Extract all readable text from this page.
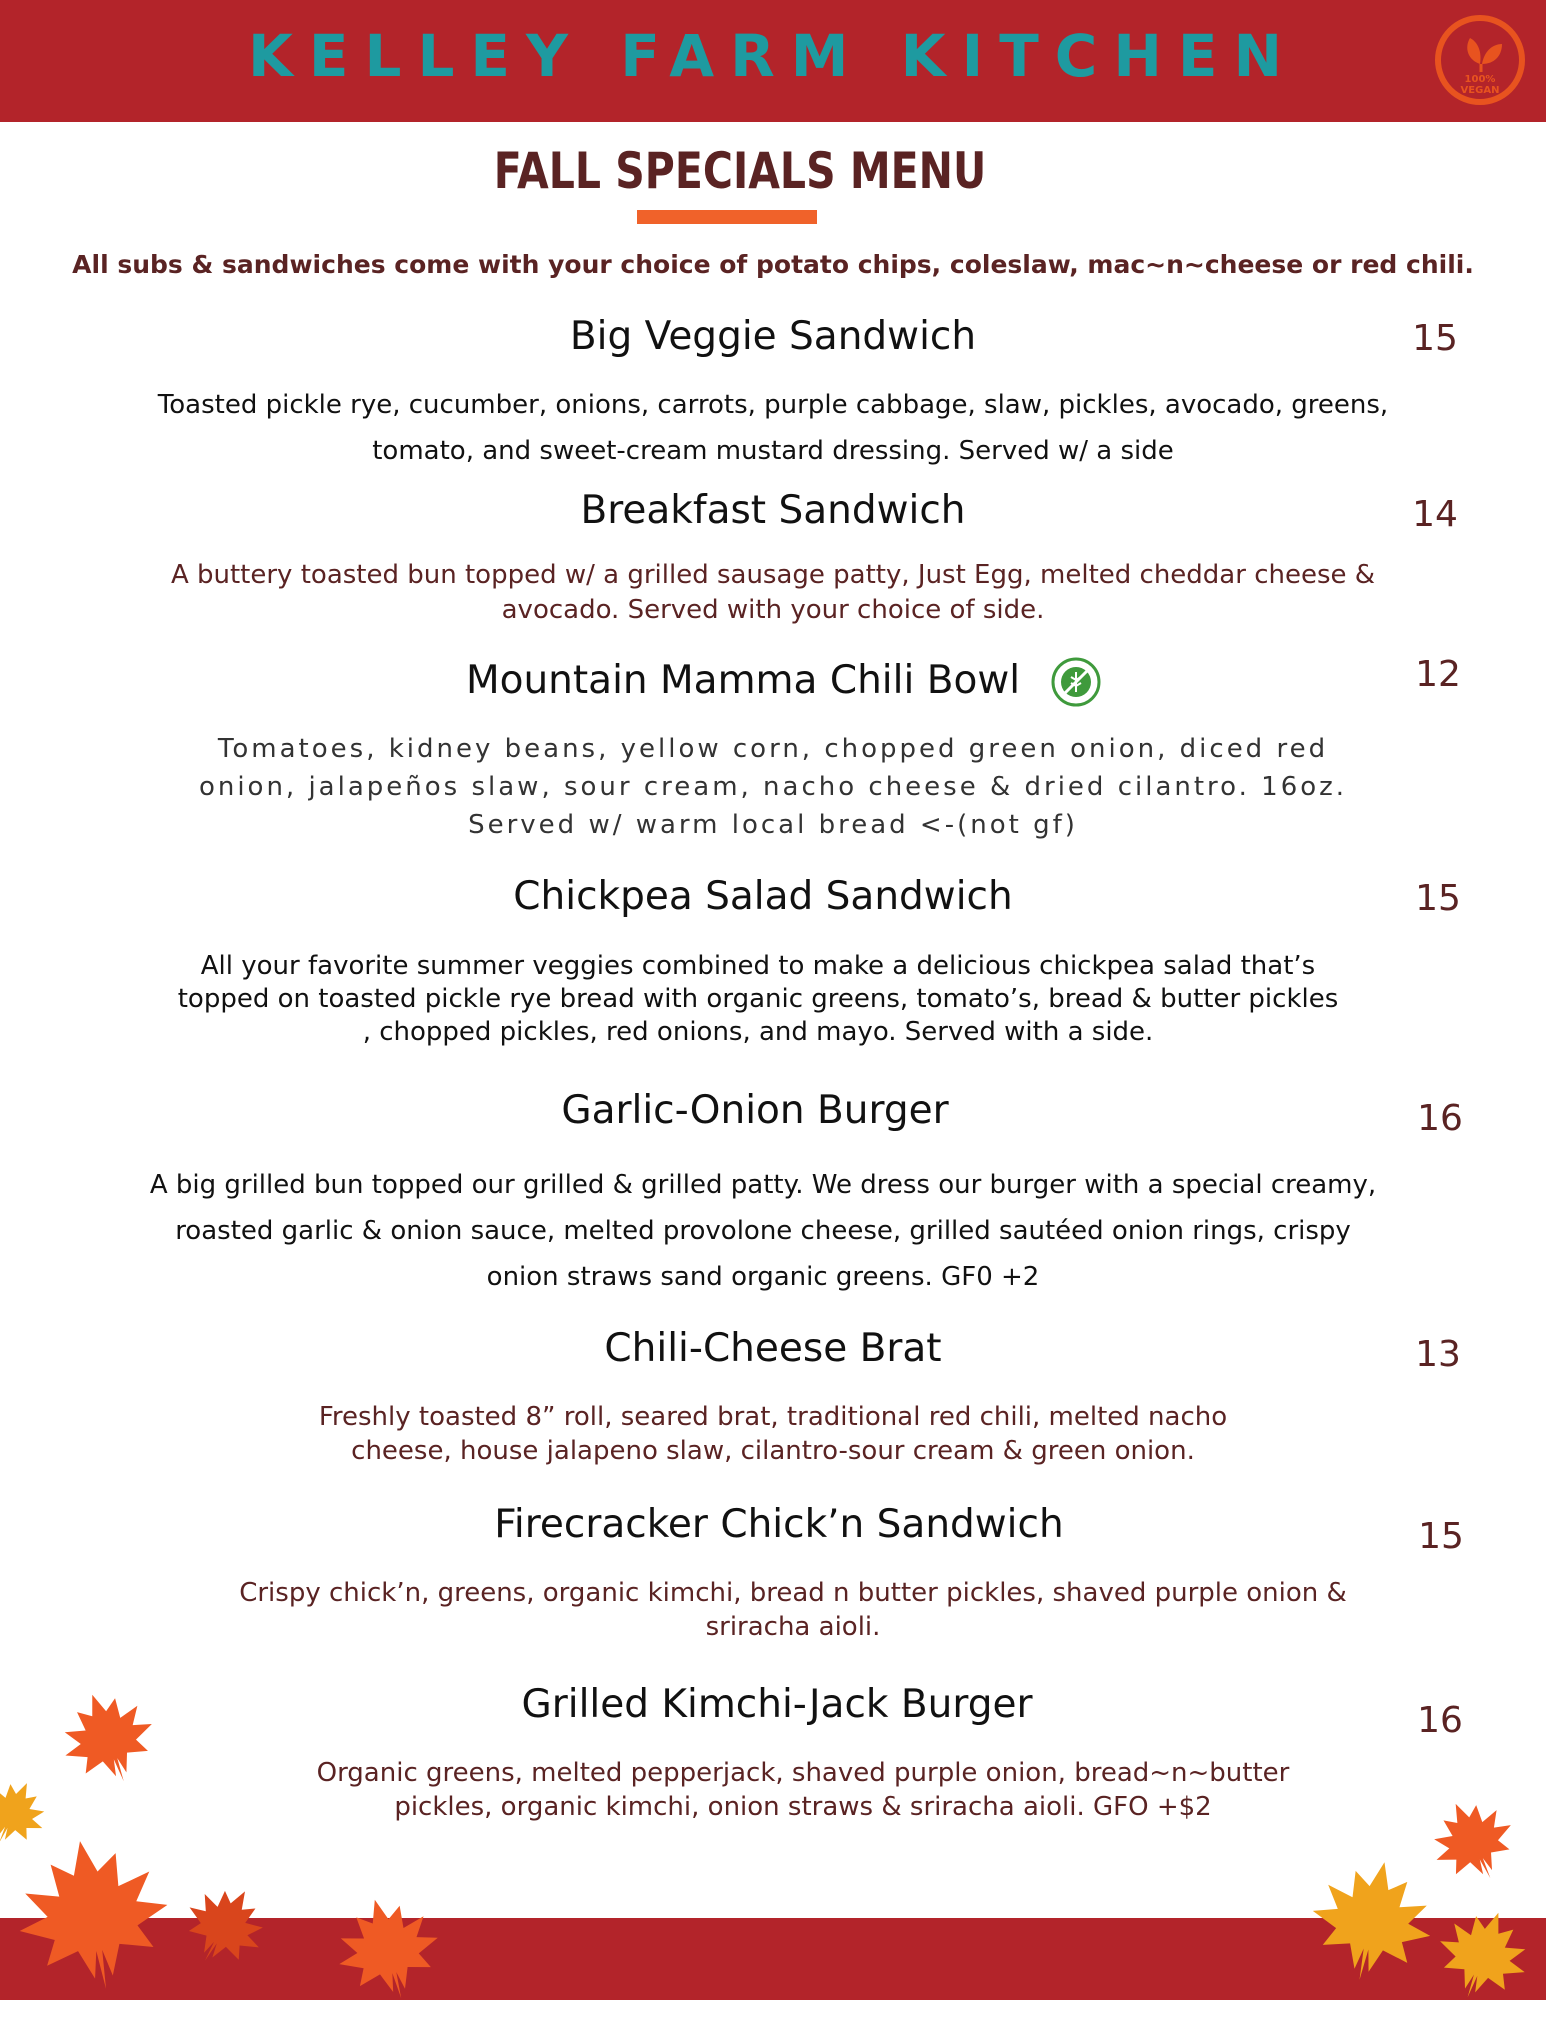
KELLEY FARM KITCHEN	100%
VEGAN
FALL SPECIALS MENU
All subs & sandwiches come with your choice of potato chips, coleslaw, mac~n~cheese or red chili.
Big Veggie Sandwich	15
Toasted pickle rye, cucumber, onions, carrots, purple cabbage, slaw, pickles, avocado, greens, tomato, and sweet-cream mustard dressing. Served w/ a side
Breakfast Sandwich	14
A buttery toasted bun topped w/ a grilled sausage patty, Just Egg, melted cheddar cheese & avocado. Served with your choice of side.
Mountain Mamma Chili Bowl	12
Tomatoes, kidney beans, yellow corn, chopped green onion, diced red onion, jalapeños slaw, sour cream, nacho cheese & dried cilantro. 16oz. Served w/ warm local bread <-(not gf)
Chickpea Salad Sandwich	15
All your favorite summer veggies combined to make a delicious chickpea salad that’s topped on toasted pickle rye bread with organic greens, tomato’s, bread & butter pickles , chopped pickles, red onions, and mayo. Served with a side.
Garlic-Onion Burger	16
A big grilled bun topped our grilled & grilled patty. We dress our burger with a special creamy, roasted garlic & onion sauce, melted provolone cheese, grilled sautéed onion rings, crispy onion straws sand organic greens. GF0 +2
Chili-Cheese Brat	13
Freshly toasted 8” roll, seared brat, traditional red chili, melted nacho cheese, house jalapeno slaw, cilantro-sour cream & green onion.
Firecracker Chick’n Sandwich	15
Crispy chick’n, greens, organic kimchi, bread n butter pickles, shaved purple onion & sriracha aioli.
Grilled Kimchi-Jack Burger	16
Organic greens, melted pepperjack, shaved purple onion, bread~n~butter pickles, organic kimchi, onion straws & sriracha aioli. GFO +$2
